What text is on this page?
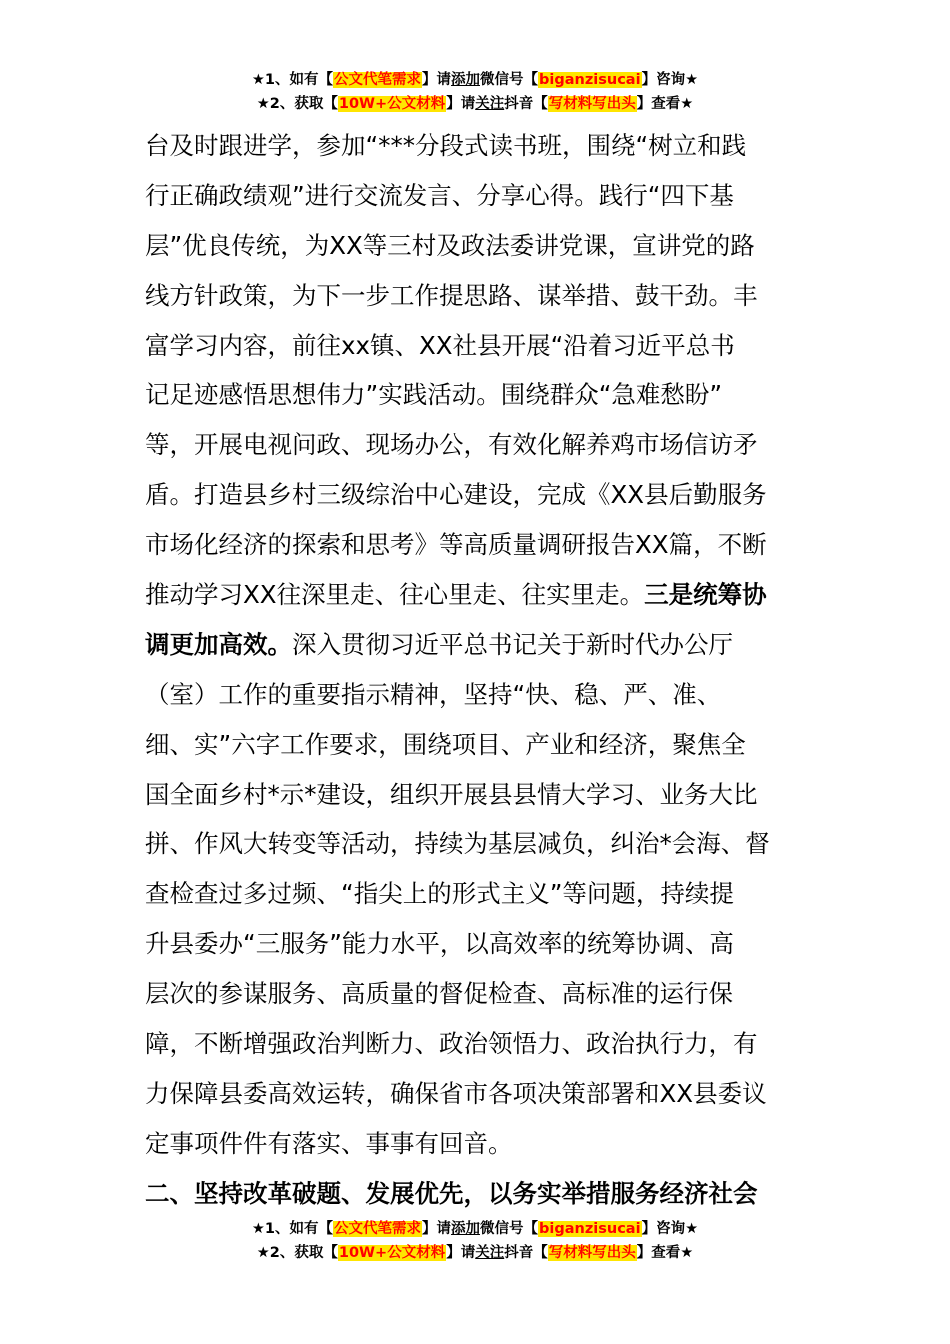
★1、如有【公文代笔需求】请添加微信号【biganzisucai】咨询★
★2、获取【10W+公文材料】请关注抖音【写材料写出头】查看★
台及时跟进学，参加“***分段式读书班，围绕“树立和践
行正确政绩观”进行交流发言、分享心得。践行“四下基
层”优良传统，为XX等三村及政法委讲党课，宣讲党的路
线方针政策，为下一步工作提思路、谋举措、鼓干劲。丰
富学习内容，前往xx镇、XX社县开展“沿着习近平总书
记足迹感悟思想伟力”实践活动。围绕群众“急难愁盼”
等，开展电视问政、现场办公，有效化解养鸡市场信访矛
盾。打造县乡村三级综治中心建设，完成《XX县后勤服务
市场化经济的探索和思考》等高质量调研报告XX篇，不断
推动学习XX往深里走、往心里走、往实里走。三是统筹协
调更加高效。深入贯彻习近平总书记关于新时代办公厅
（室）工作的重要指示精神，坚持“快、稳、严、准、
细、实”六字工作要求，围绕项目、产业和经济，聚焦全
国全面乡村*示*建设，组织开展县县情大学习、业务大比
拼、作风大转变等活动，持续为基层减负，纠治*会海、督
查检查过多过频、“指尖上的形式主义”等问题，持续提
升县委办“三服务”能力水平，以高效率的统筹协调、高
层次的参谋服务、高质量的督促检查、高标准的运行保
障，不断增强政治判断力、政治领悟力、政治执行力，有
力保障县委高效运转，确保省市各项决策部署和XX县委议
定事项件件有落实、事事有回音。
二、坚持改革破题、发展优先，以务实举措服务经济社会
★1、如有【公文代笔需求】请添加微信号【biganzisucai】咨询★
★2、获取【10W+公文材料】请关注抖音【写材料写出头】查看★
